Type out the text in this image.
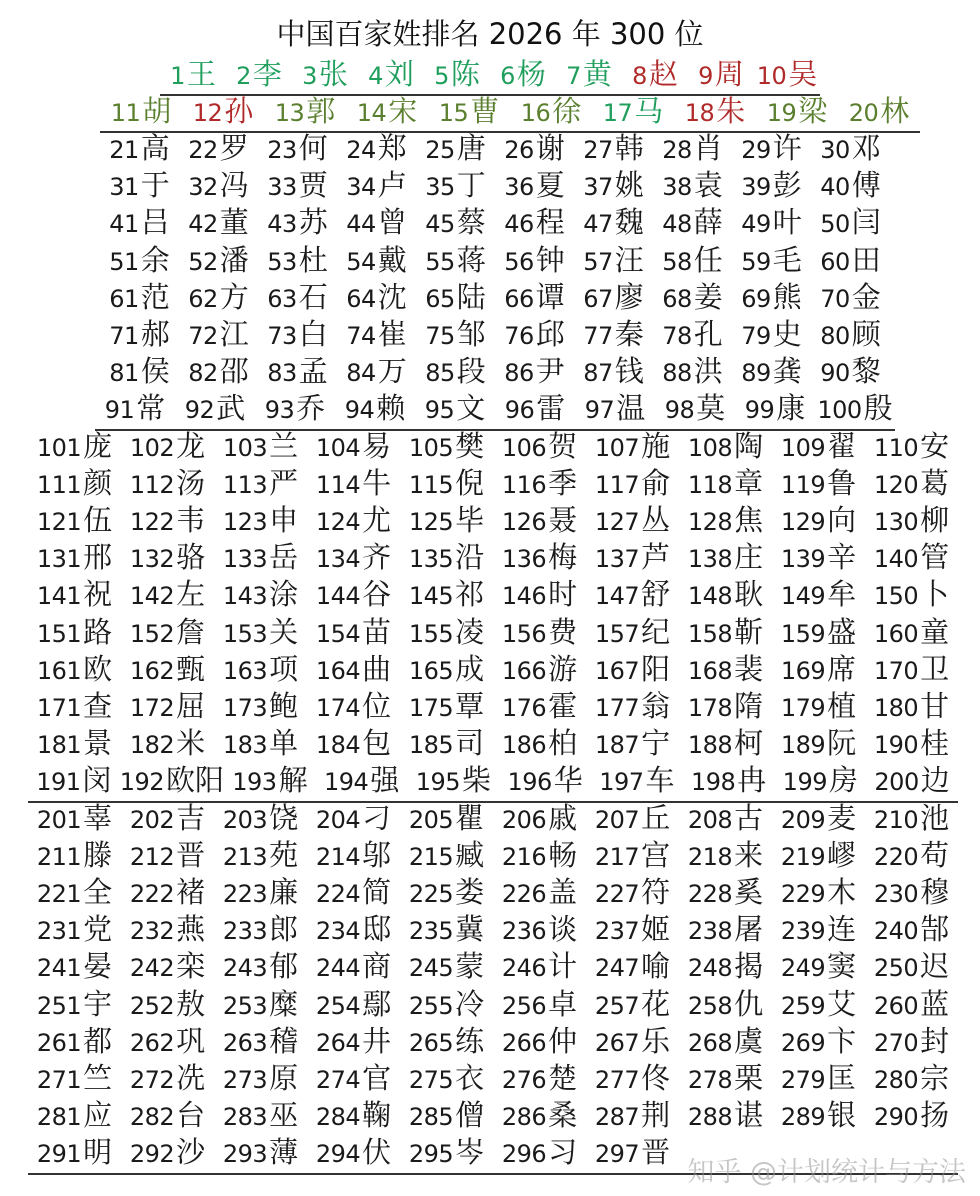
中国百家姓排名 2026 年 300 位
1王 2李 3张 4刘 5陈 6杨 7黄 8赵 9周 10吴
11胡 12孙 13郭 14宋 15曹 16徐 17马 18朱 19梁 20林
21高 22罗 23何 24郑 25唐 26谢 27韩 28肖 29许 30邓
31于 32冯 33贾 34卢 35丁 36夏 37姚 38袁 39彭 40傅
41吕 42董 43苏 44曾 45蔡 46程 47魏 48薛 49叶 50闫
51余 52潘 53杜 54戴 55蒋 56钟 57汪 58任 59毛 60田
61范 62方 63石 64沈 65陆 66谭 67廖 68姜 69熊 70金
71郝 72江 73白 74崔 75邹 76邱 77秦 78孔 79史 80顾
81侯 82邵 83孟 84万 85段 86尹 87钱 88洪 89龚 90黎
91常 92武 93乔 94赖 95文 96雷 97温 98莫 99康 100殷
101庞 102龙 103兰 104易 105樊 106贺 107施 108陶 109翟 110安
111颜 112汤 113严 114牛 115倪 116季 117俞 118章 119鲁 120葛
121伍 122韦 123申 124尤 125毕 126聂 127丛 128焦 129向 130柳
131邢 132骆 133岳 134齐 135沿 136梅 137芦 138庄 139辛 140管
141祝 142左 143涂 144谷 145祁 146时 147舒 148耿 149牟 150卜
151路 152詹 153关 154苗 155凌 156费 157纪 158靳 159盛 160童
161欧 162甄 163项 164曲 165成 166游 167阳 168裴 169席 170卫
171查 172屈 173鲍 174位 175覃 176霍 177翁 178隋 179植 180甘
181景 182米 183单 184包 185司 186柏 187宁 188柯 189阮 190桂
191闵 192欧阳 193解 194强 195柴 196华 197车 198冉 199房 200边
201辜 202吉 203饶 204刁 205瞿 206戚 207丘 208古 209麦 210池
211滕 212晋 213苑 214邬 215臧 216畅 217宫 218来 219嵺 220苟
221全 222褚 223廉 224简 225娄 226盖 227符 228奚 229木 230穆
231党 232燕 233郎 234邸 235冀 236谈 237姬 238屠 239连 240郜
241晏 242栾 243郁 244商 245蒙 246计 247喻 248揭 249窦 250迟
251宇 252敖 253糜 254鄢 255冷 256卓 257花 258仇 259艾 260蓝
261都 262巩 263稽 264井 265练 266仲 267乐 268虞 269卞 270封
271竺 272冼 273原 274官 275衣 276楚 277佟 278栗 279匡 280宗
281应 282台 283巫 284鞠 285僧 286桑 287荆 288谌 289银 290扬
291明 292沙 293薄 294伏 295岑 296习 297晋
知乎 @计划统计与方法
